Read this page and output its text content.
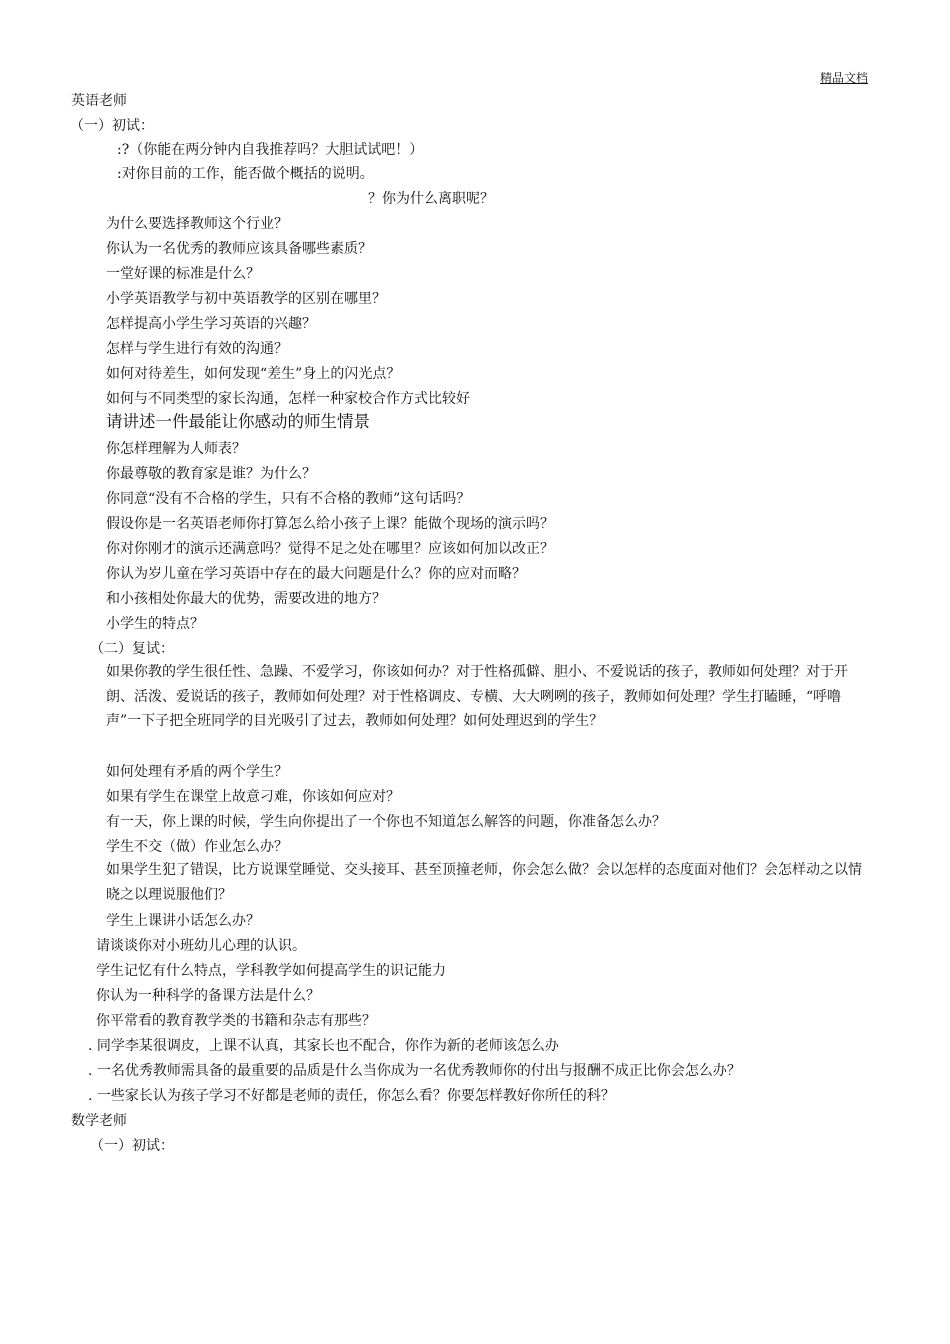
精品文档
英语老师
（一）初试：
:?（你能在两分钟内自我推荐吗？大胆试试吧！）
:对你目前的工作，能否做个概括的说明。
？你为什么离职呢？
为什么要选择教师这个行业？
你认为一名优秀的教师应该具备哪些素质？
一堂好课的标准是什么？
小学英语教学与初中英语教学的区别在哪里？
怎样提高小学生学习英语的兴趣？
怎样与学生进行有效的沟通？
如何对待差生，如何发现“差生”身上的闪光点？
如何与不同类型的家长沟通，怎样一种家校合作方式比较好
请讲述一件最能让你感动的师生情景
你怎样理解为人师表？
你最尊敬的教育家是谁？为什么？
你同意“没有不合格的学生，只有不合格的教师”这句话吗？
假设你是一名英语老师你打算怎么给小孩子上课？能做个现场的演示吗？
你对你刚才的演示还满意吗？觉得不足之处在哪里？应该如何加以改正？
你认为岁儿童在学习英语中存在的最大问题是什么？你的应对而略？
和小孩相处你最大的优势，需要改进的地方？
小学生的特点？
（二）复试：
如果你教的学生很任性、急躁、不爱学习，你该如何办？对于性格孤僻、胆小、不爱说话的孩子，教师如何处理？对于开朗、活泼、爱说话的孩子，教师如何处理？对于性格调皮、专横、大大咧咧的孩子，教师如何处理？学生打瞌睡，“呼噜声”一下子把全班同学的目光吸引了过去，教师如何处理？如何处理迟到的学生？
如何处理有矛盾的两个学生？
如果有学生在课堂上故意刁难，你该如何应对？
有一天，你上课的时候，学生向你提出了一个你也不知道怎么解答的问题，你准备怎么办？
学生不交（做）作业怎么办？
如果学生犯了错误，比方说课堂睡觉、交头接耳、甚至顶撞老师，你会怎么做？会以怎样的态度面对他们？会怎样动之以情晓之以理说服他们？
学生上课讲小话怎么办？
请谈谈你对小班幼儿心理的认识。
学生记忆有什么特点，学科教学如何提高学生的识记能力
你认为一种科学的备课方法是什么？
你平常看的教育教学类的书籍和杂志有那些？
. 同学李某很调皮，上课不认真，其家长也不配合，你作为新的老师该怎么办
. 一名优秀教师需具备的最重要的品质是什么当你成为一名优秀教师你的付出与报酬不成正比你会怎么办？
. 一些家长认为孩子学习不好都是老师的责任，你怎么看？你要怎样教好你所任的科？
数学老师
（一）初试：
